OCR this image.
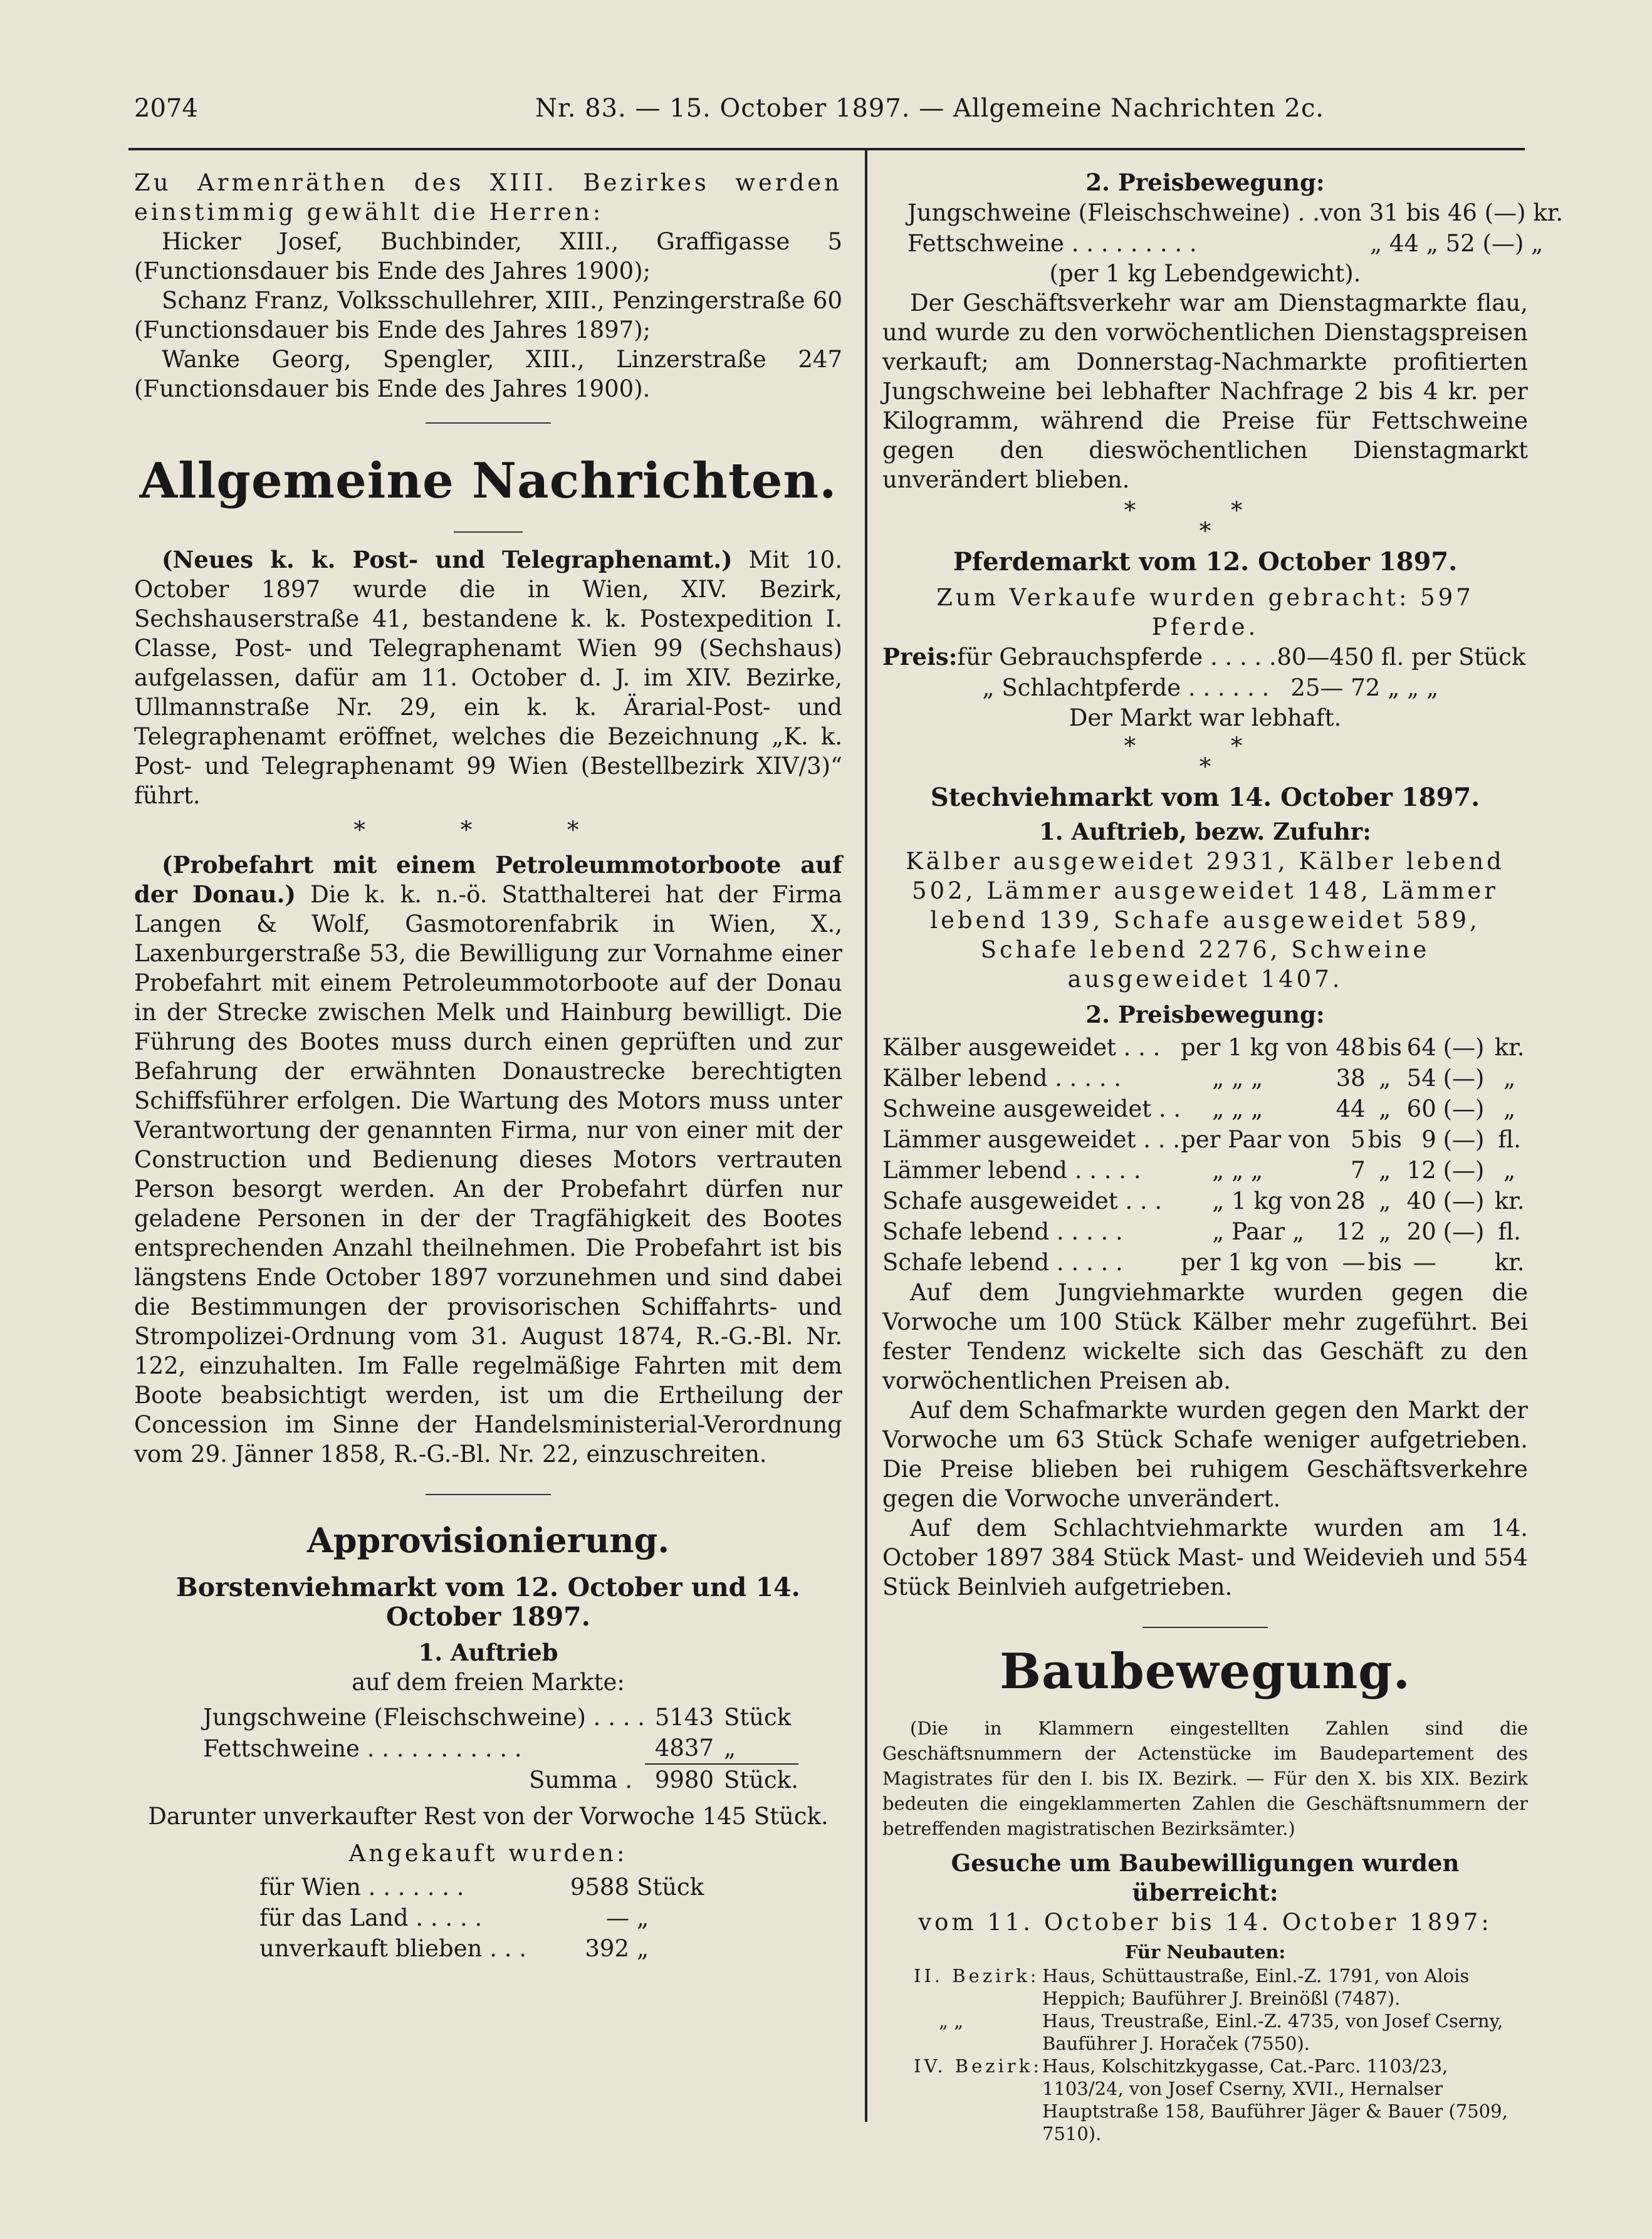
2074	Nr. 83. — 15. October 1897. — Allgemeine Nachrichten 2c.

Zu Armenräthen des XIII. Bezirkes werden einstimmig gewählt die Herren:

Hicker Josef, Buchbinder, XIII., Graffigasse 5 (Functionsdauer bis Ende des Jahres 1900);

Schanz Franz, Volksschullehrer, XIII., Penzingerstraße 60 (Functionsdauer bis Ende des Jahres 1897);

Wanke Georg, Spengler, XIII., Linzerstraße 247 (Functionsdauer bis Ende des Jahres 1900).

Allgemeine Nachrichten.

(Neues k. k. Post- und Telegraphenamt.) Mit 10. October 1897 wurde die in Wien, XIV. Bezirk, Sechshauserstraße 41, bestandene k. k. Postexpedition I. Classe, Post- und Telegraphenamt Wien 99 (Sechshaus) aufgelassen, dafür am 11. October d. J. im XIV. Bezirke, Ullmannstraße Nr. 29, ein k. k. Ärarial-Post- und Telegraphenamt eröffnet, welches die Bezeichnung „K. k. Post- und Telegraphenamt 99 Wien (Bestellbezirk XIV/3)“ führt.

* * *

(Probefahrt mit einem Petroleummotorboote auf der Donau.) Die k. k. n.-ö. Statthalterei hat der Firma Langen & Wolf, Gasmotorenfabrik in Wien, X., Laxenburgerstraße 53, die Bewilligung zur Vornahme einer Probefahrt mit einem Petroleummotorboote auf der Donau in der Strecke zwischen Melk und Hainburg bewilligt. Die Führung des Bootes muss durch einen geprüften und zur Befahrung der erwähnten Donaustrecke berechtigten Schiffsführer erfolgen. Die Wartung des Motors muss unter Verantwortung der genannten Firma, nur von einer mit der Construction und Bedienung dieses Motors vertrauten Person besorgt werden. An der Probefahrt dürfen nur geladene Personen in der der Tragfähigkeit des Bootes entsprechenden Anzahl theilnehmen. Die Probefahrt ist bis längstens Ende October 1897 vorzunehmen und sind dabei die Bestimmungen der provisorischen Schiffahrts- und Strompolizei-Ordnung vom 31. August 1874, R.-G.-Bl. Nr. 122, einzuhalten. Im Falle regelmäßige Fahrten mit dem Boote beabsichtigt werden, ist um die Ertheilung der Concession im Sinne der Handelsministerial-Verordnung vom 29. Jänner 1858, R.-G.-Bl. Nr. 22, einzuschreiten.

Approvisionierung.

Borstenviehmarkt vom 12. October und 14. October 1897.

1. Auftrieb

auf dem freien Markte:

Jungschweine (Fleischschweine) . . . .	5143	Stück
Fettschweine . . . . . . . . . . .	4837	„
Summa .	9980	Stück.

Darunter unverkaufter Rest von der Vorwoche 145 Stück.

Angekauft wurden:

für Wien . . . . . . .	9588	Stück
für das Land . . . . .	—	„
unverkauft blieben . . .	392	„

2. Preisbewegung:

Jungschweine (Fleischschweine) . .	von 31 bis 46 (—) kr.
Fettschweine . . . . . . . . .	„ 44 „ 52 (—) „

(per 1 kg Lebendgewicht).

Der Geschäftsverkehr war am Dienstagmarkte flau, und wurde zu den vorwöchentlichen Dienstagspreisen verkauft; am Donnerstag-Nachmarkte profitierten Jungschweine bei lebhafter Nachfrage 2 bis 4 kr. per Kilogramm, während die Preise für Fettschweine gegen den dieswöchentlichen Dienstagmarkt unverändert blieben.

* *
*

Pferdemarkt vom 12. October 1897.

Zum Verkaufe wurden gebracht: 597 Pferde.

Preis:	für Gebrauchspferde . . . . .	80—450 fl. per Stück
	„ Schlachtpferde . . . . . .	25— 72 „ „ „

Der Markt war lebhaft.

* *
*

Stechviehmarkt vom 14. October 1897.

1. Auftrieb, bezw. Zufuhr:

Kälber ausgeweidet 2931, Kälber lebend 502, Lämmer ausgeweidet 148, Lämmer lebend 139, Schafe ausgeweidet 589, Schafe lebend 2276, Schweine ausgeweidet 1407.

2. Preisbewegung:

Kälber ausgeweidet . . .	per 1 kg von	48	bis	64	(—)	kr.
Kälber lebend . . . . .	„ „ „	38	„	54	(—)	„
Schweine ausgeweidet . .	„ „ „	44	„	60	(—)	„
Lämmer ausgeweidet . . .	per Paar von	5	bis	9	(—)	fl.
Lämmer lebend . . . . .	„ „ „	7	„	12	(—)	„
Schafe ausgeweidet . . .	„ 1 kg von	28	„	40	(—)	kr.
Schafe lebend . . . . .	„ Paar „	12	„	20	(—)	fl.
Schafe lebend . . . . .	per 1 kg von	—	bis	—		kr.

Auf dem Jungviehmarkte wurden gegen die Vorwoche um 100 Stück Kälber mehr zugeführt. Bei fester Tendenz wickelte sich das Geschäft zu den vorwöchentlichen Preisen ab.

Auf dem Schafmarkte wurden gegen den Markt der Vorwoche um 63 Stück Schafe weniger aufgetrieben. Die Preise blieben bei ruhigem Geschäftsverkehre gegen die Vorwoche unverändert.

Auf dem Schlachtviehmarkte wurden am 14. October 1897 384 Stück Mast- und Weidevieh und 554 Stück Beinlvieh aufgetrieben.

Baubewegung.

(Die in Klammern eingestellten Zahlen sind die Geschäftsnummern der Actenstücke im Baudepartement des Magistrates für den I. bis IX. Bezirk. — Für den X. bis XIX. Bezirk bedeuten die eingeklammerten Zahlen die Geschäftsnummern der betreffenden magistratischen Bezirksämter.)

Gesuche um Baubewilligungen wurden überreicht:

vom 11. October bis 14. October 1897:

Für Neubauten:

II. Bezirk:	Haus, Schüttaustraße, Einl.-Z. 1791, von Alois Heppich; Bauführer J. Breinößl (7487).
„ „	Haus, Treustraße, Einl.-Z. 4735, von Josef Cserny, Bauführer J. Horaček (7550).
IV. Bezirk:	Haus, Kolschitzkygasse, Cat.-Parc. 1103/23, 1103/24, von Josef Cserny, XVII., Hernalser Hauptstraße 158, Bauführer Jäger & Bauer (7509, 7510).
